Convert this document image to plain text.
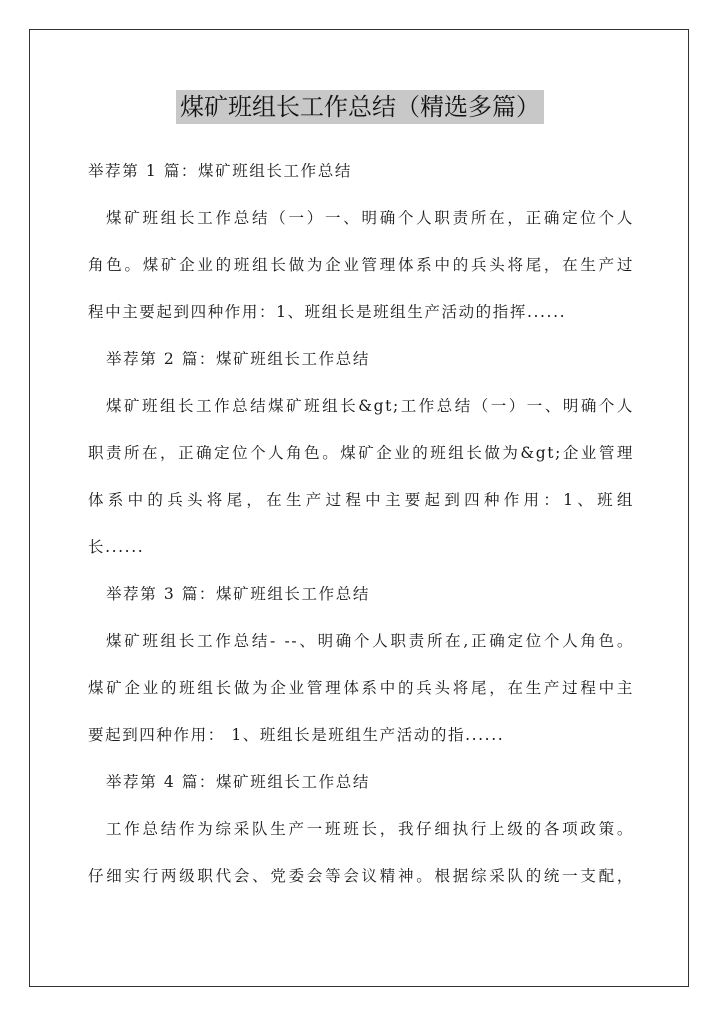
煤矿班组长工作总结（精选多篇）
举荐第 1 篇：煤矿班组长工作总结
煤矿班组长工作总结（一）一、明确个人职责所在，正确定位个人
角色。煤矿企业的班组长做为企业管理体系中的兵头将尾，在生产过
程中主要起到四种作用：1、班组长是班组生产活动的指挥......
举荐第 2 篇：煤矿班组长工作总结
煤矿班组长工作总结煤矿班组长&gt;工作总结（一）一、明确个人
职责所在，正确定位个人角色。煤矿企业的班组长做为&gt;企业管理
体系中的兵头将尾，在生产过程中主要起到四种作用：1、班组
长......
举荐第 3 篇：煤矿班组长工作总结
煤矿班组长工作总结- --、明确个人职责所在,正确定位个人角色。
煤矿企业的班组长做为企业管理体系中的兵头将尾，在生产过程中主
要起到四种作用： 1、班组长是班组生产活动的指......
举荐第 4 篇：煤矿班组长工作总结
工作总结作为综采队生产一班班长，我仔细执行上级的各项政策。
仔细实行两级职代会、党委会等会议精神。根据综采队的统一支配，
